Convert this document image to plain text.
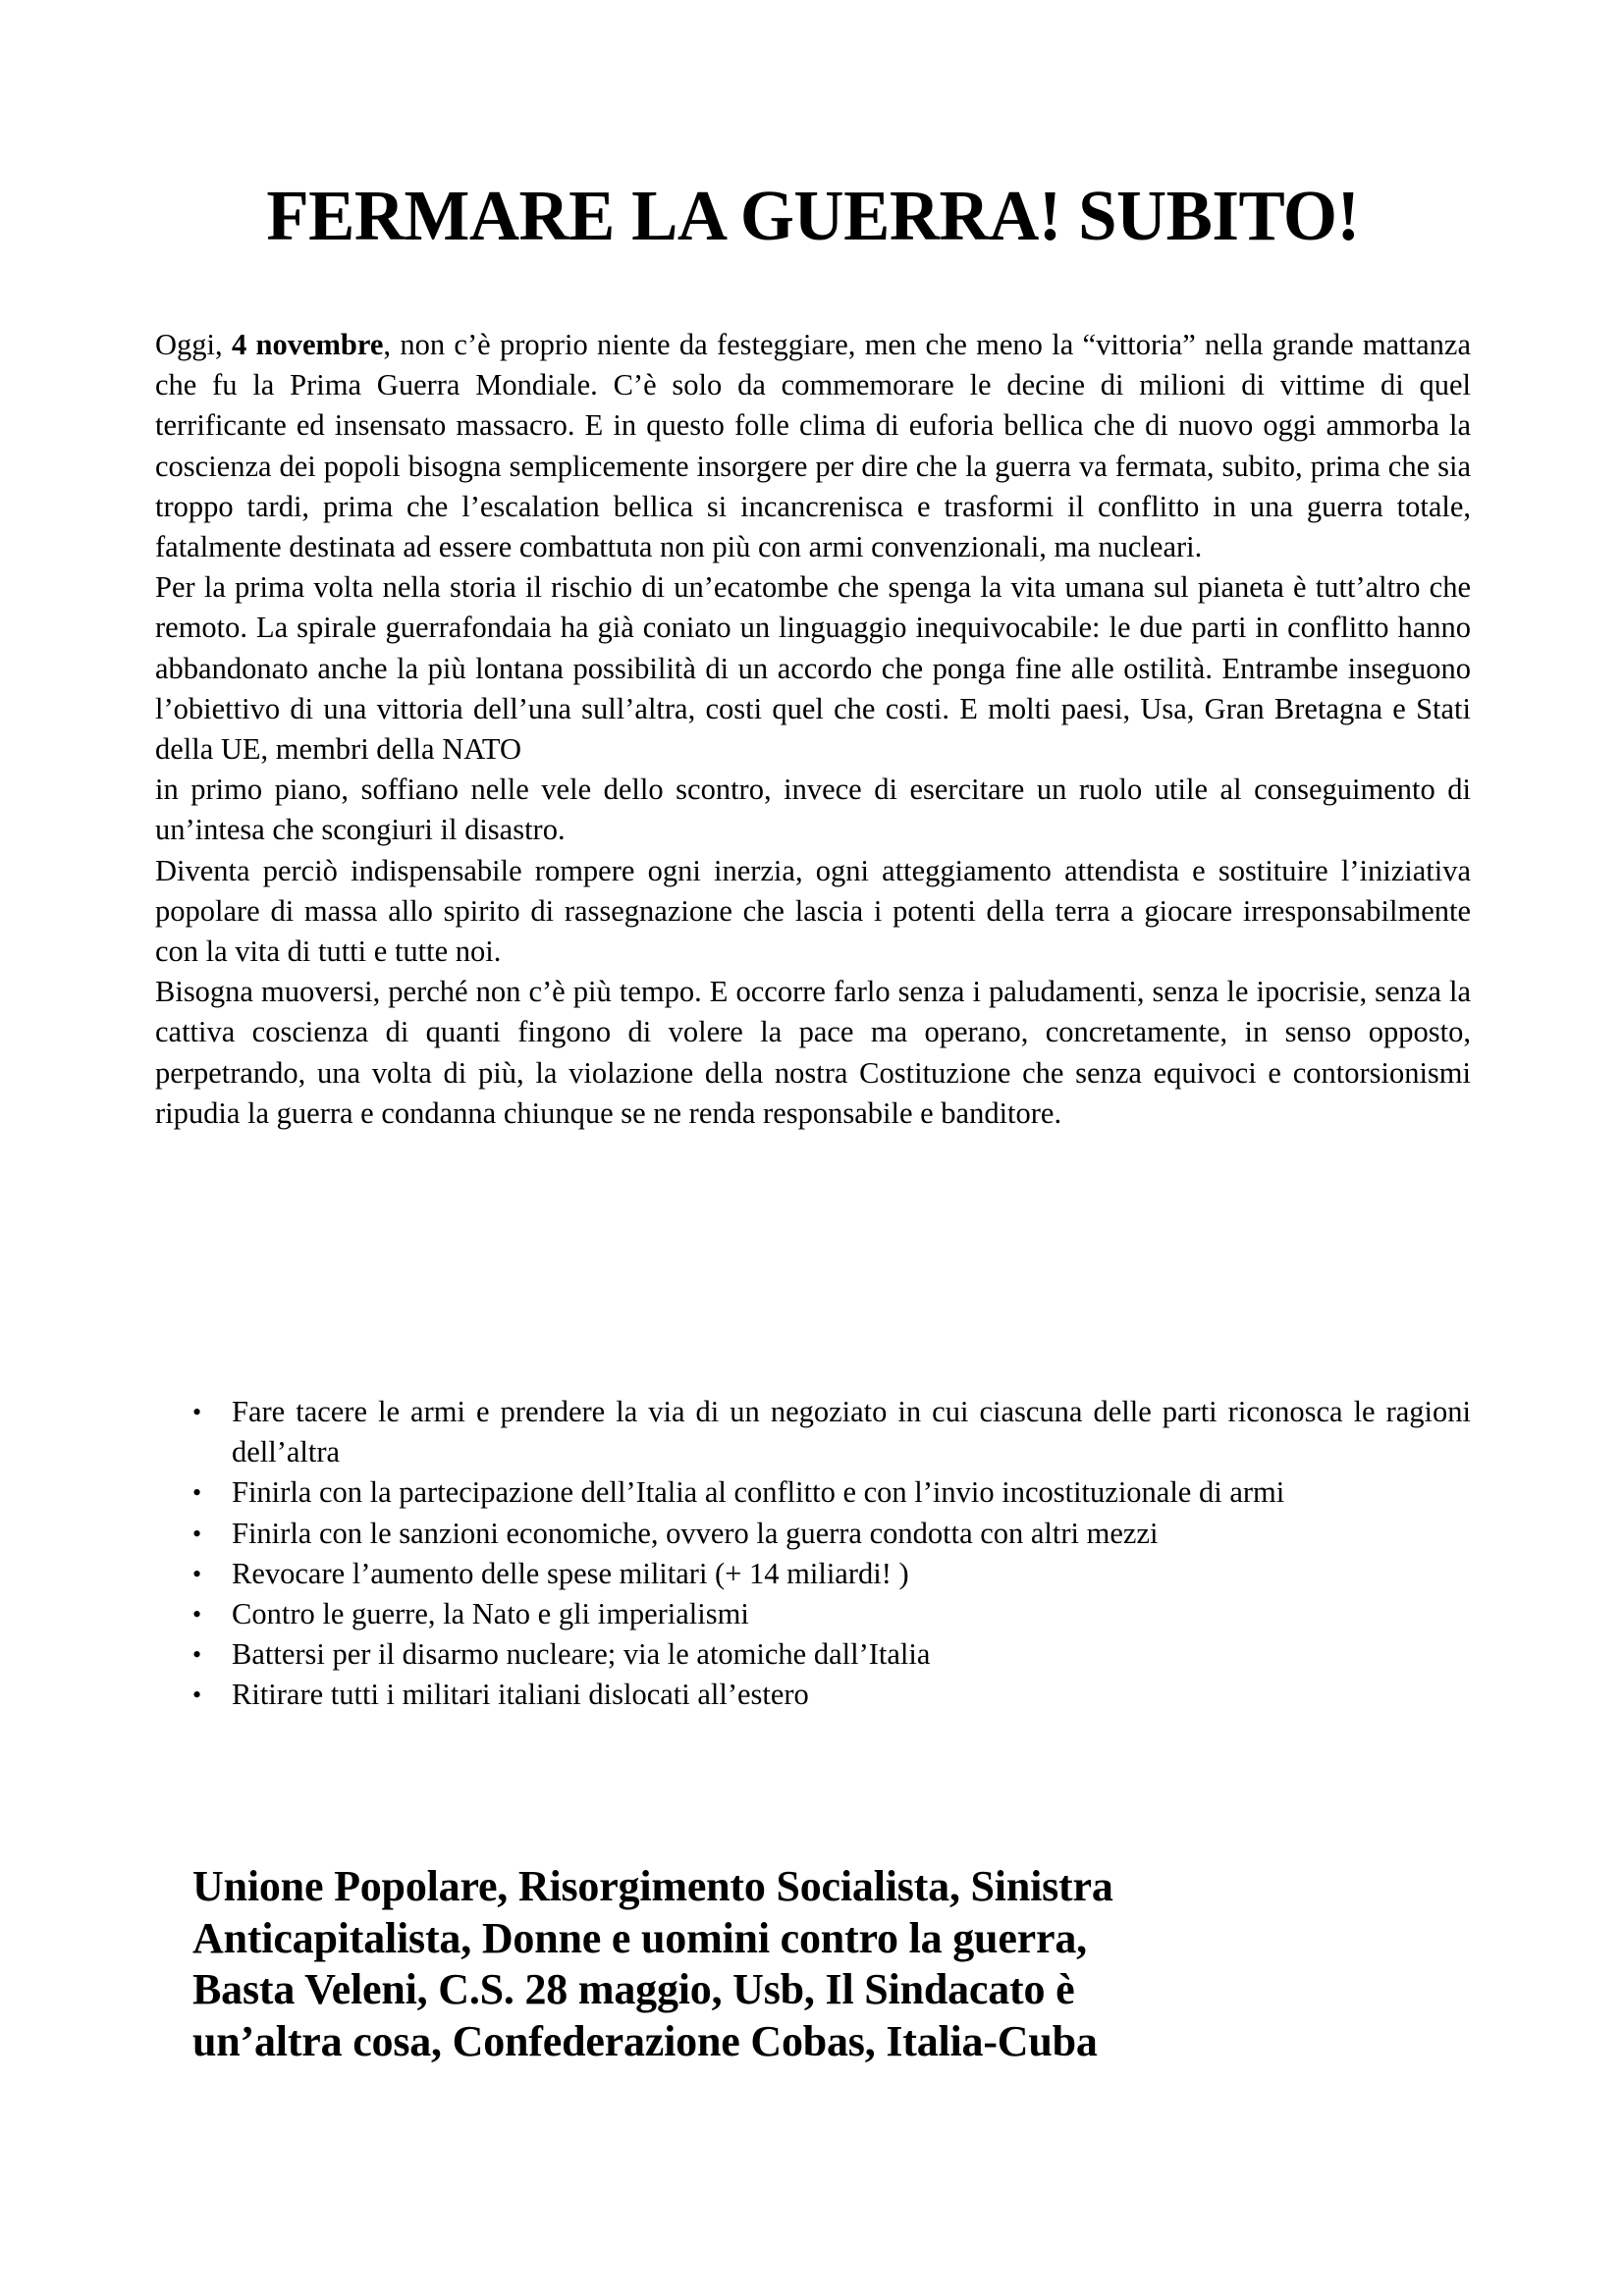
FERMARE LA GUERRA! SUBITO!

Oggi, 4 novembre, non c’è proprio niente da festeggiare, men che meno la “vittoria” nella grande mattanza che fu la Prima Guerra Mondiale. C’è solo da commemorare le decine di milioni di vittime di quel terrificante ed insensato massacro. E in questo folle clima di euforia bellica che di nuovo oggi ammorba la coscienza dei popoli bisogna semplicemente insorgere per dire che la guerra va fermata, subito, prima che sia troppo tardi, prima che l’escalation bellica si incancrenisca e trasformi il conflitto in una guerra totale, fatalmente destinata ad essere combattuta non più con armi convenzionali, ma nucleari.

Per la prima volta nella storia il rischio di un’ecatombe che spenga la vita umana sul pianeta è tutt’altro che remoto. La spirale guerrafondaia ha già coniato un linguaggio inequivocabile: le due parti in conflitto hanno abbandonato anche la più lontana possibilità di un accordo che ponga fine alle ostilità. Entrambe inseguono l’obiettivo di una vittoria dell’una sull’altra, costi quel che costi. E molti paesi, Usa, Gran Bretagna e Stati della UE, membri della NATO

in primo piano, soffiano nelle vele dello scontro, invece di esercitare un ruolo utile al conseguimento di un’intesa che scongiuri il disastro.

Diventa perciò indispensabile rompere ogni inerzia, ogni atteggiamento attendista e sostituire l’iniziativa popolare di massa allo spirito di rassegnazione che lascia i potenti della terra a giocare irresponsabilmente con la vita di tutti e tutte noi.

Bisogna muoversi, perché non c’è più tempo. E occorre farlo senza i paludamenti, senza le ipocrisie, senza la cattiva coscienza di quanti fingono di volere la pace ma operano, concretamente, in senso opposto, perpetrando, una volta di più, la violazione della nostra Costituzione che senza equivoci e contorsionismi ripudia la guerra e condanna chiunque se ne renda responsabile e banditore.

• Fare tacere le armi e prendere la via di un negoziato in cui ciascuna delle parti riconosca le ragioni dell’altra
• Finirla con la partecipazione dell’Italia al conflitto e con l’invio incostituzionale di armi
• Finirla con le sanzioni economiche, ovvero la guerra condotta con altri mezzi
• Revocare l’aumento delle spese militari (+ 14 miliardi! )
• Contro le guerre, la Nato e gli imperialismi
• Battersi per il disarmo nucleare; via le atomiche dall’Italia
• Ritirare tutti i militari italiani dislocati all’estero
Unione Popolare, Risorgimento Socialista, Sinistra
Anticapitalista, Donne e uomini contro la guerra,
Basta Veleni, C.S. 28 maggio, Usb, Il Sindacato è
un’altra cosa, Confederazione Cobas, Italia-Cuba
